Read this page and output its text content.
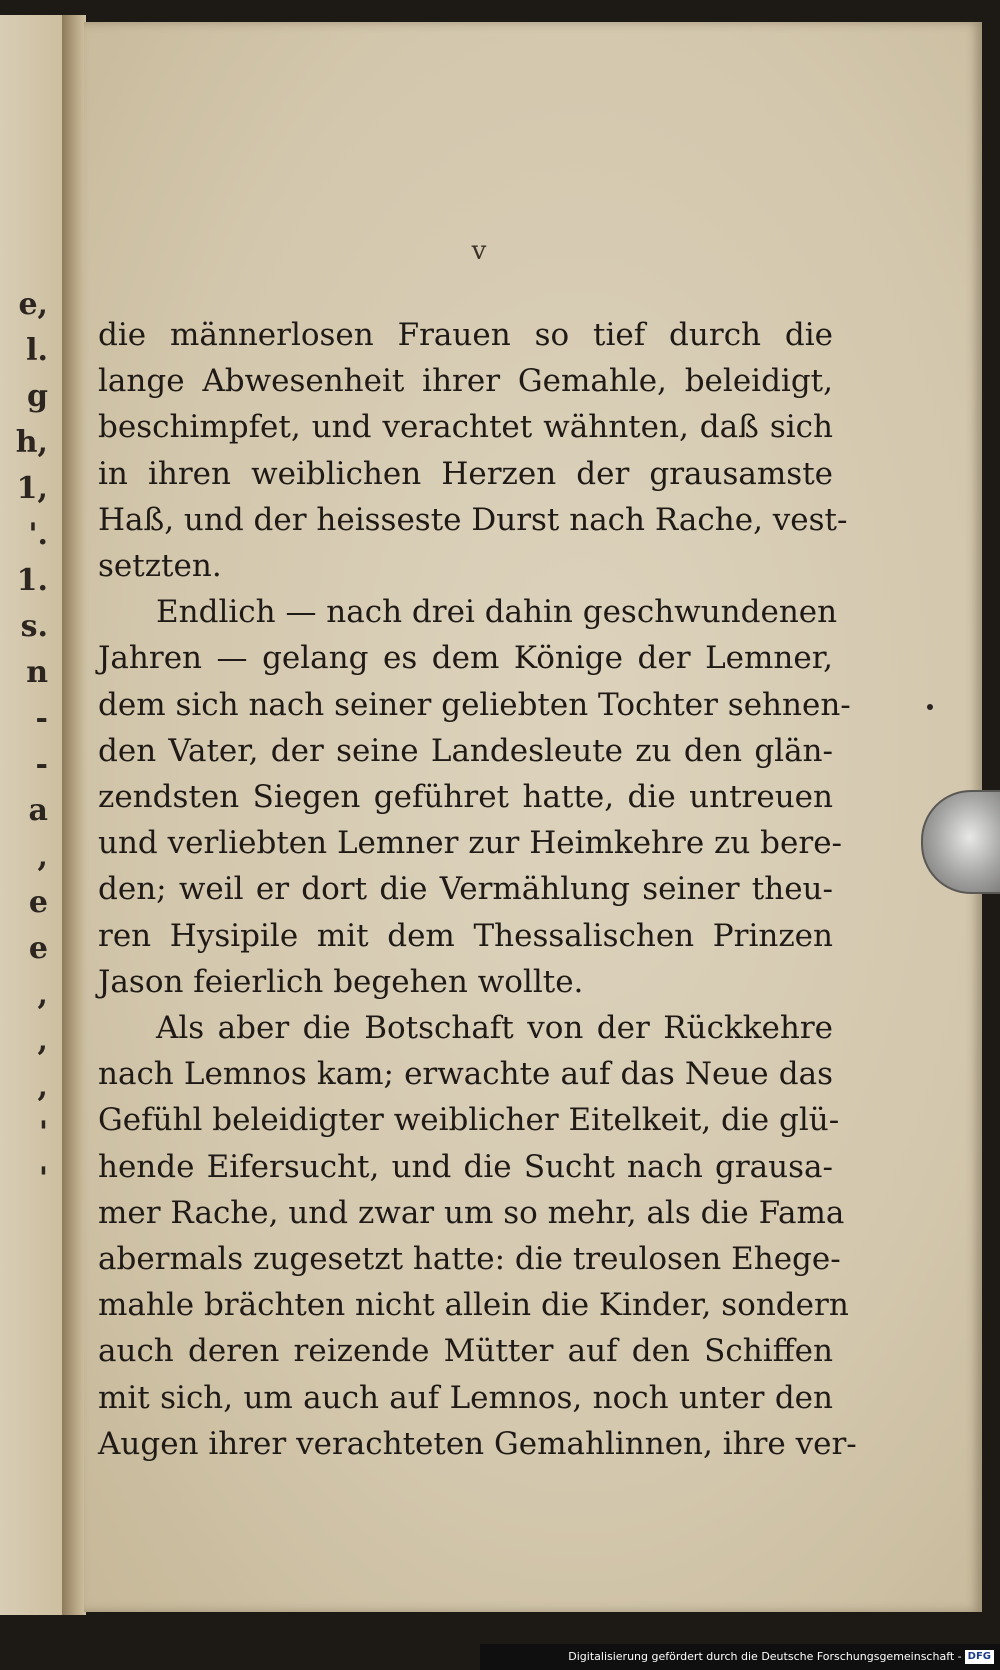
e,
l.
g
h,
1,
'.
1.
s.
n
-
-
a
,
e
e
,
,
,
'
'
v
die männerlosen Frauen so tief durch die
lange Abwesenheit ihrer Gemahle, beleidigt,
beschimpfet, und verachtet wähnten, daß sich
in ihren weiblichen Herzen der grausamste
Haß, und der heisseste Durst nach Rache, vest-
setzten.
Endlich — nach drei dahin geschwundenen
Jahren — gelang es dem Könige der Lemner,
dem sich nach seiner geliebten Tochter sehnen-
den Vater, der seine Landesleute zu den glän-
zendsten Siegen geführet hatte, die untreuen
und verliebten Lemner zur Heimkehre zu bere-
den; weil er dort die Vermählung seiner theu-
ren Hysipile mit dem Thessalischen Prinzen
Jason feierlich begehen wollte.
Als aber die Botschaft von der Rückkehre
nach Lemnos kam; erwachte auf das Neue das
Gefühl beleidigter weiblicher Eitelkeit, die glü-
hende Eifersucht, und die Sucht nach grausa-
mer Rache, und zwar um so mehr, als die Fama
abermals zugesetzt hatte: die treulosen Ehege-
mahle brächten nicht allein die Kinder, sondern
auch deren reizende Mütter auf den Schiffen
mit sich, um auch auf Lemnos, noch unter den
Augen ihrer verachteten Gemahlinnen, ihre ver-
Digitalisierung gefördert durch die Deutsche Forschungsgemeinschaft - DFG
